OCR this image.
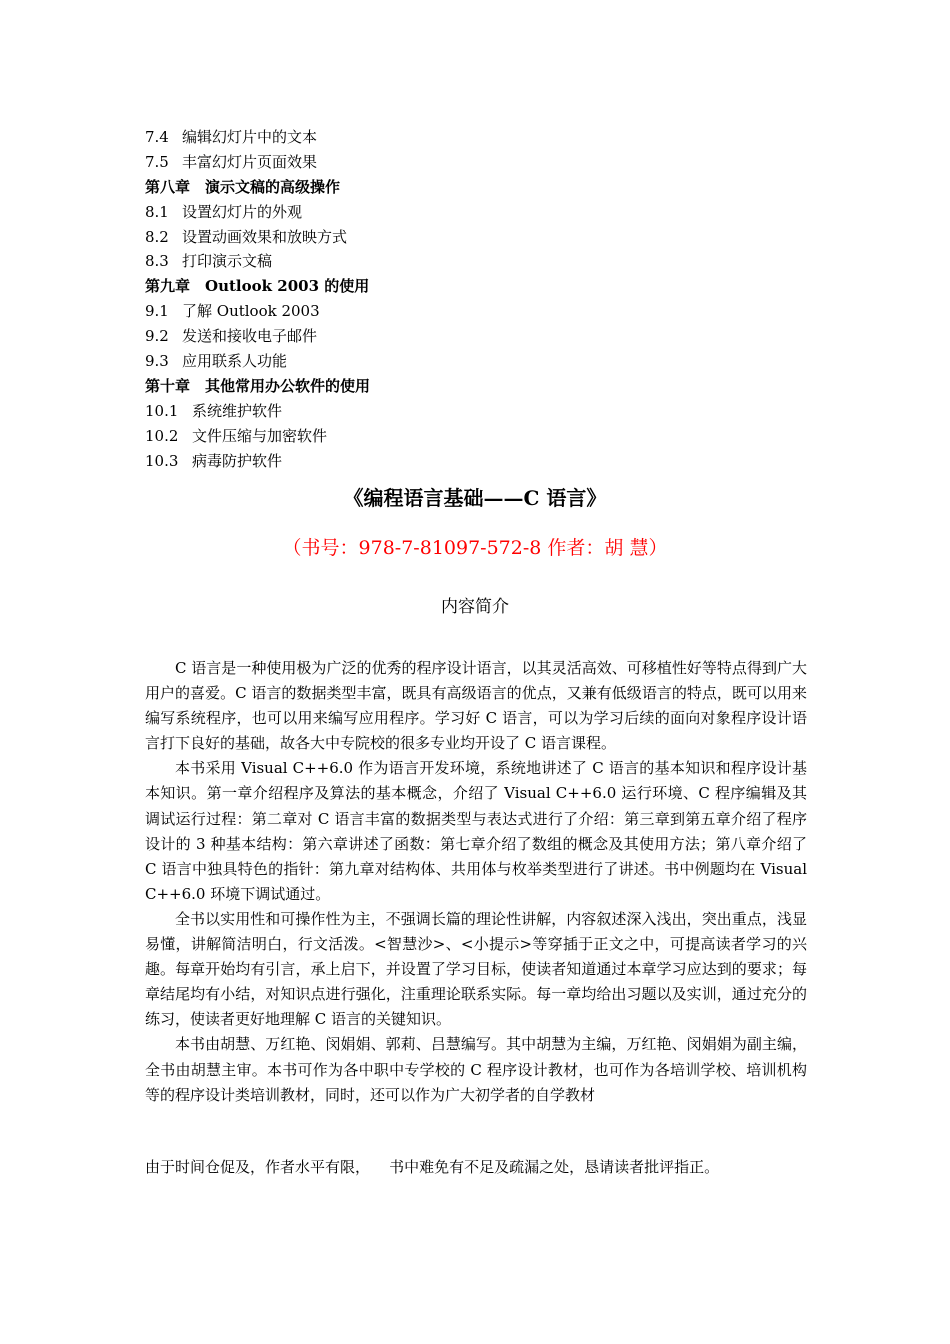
7.4 编辑幻灯片中的文本
7.5 丰富幻灯片页面效果
第八章　 演示文稿的高级操作
8.1 设置幻灯片的外观
8.2 设置动画效果和放映方式
8.3 打印演示文稿
第九章　 Outlook 2003 的使用
9.1 了解 Outlook 2003
9.2 发送和接收电子邮件
9.3 应用联系人功能
第十章　 其他常用办公软件的使用
10.1 系统维护软件
10.2 文件压缩与加密软件
10.3 病毒防护软件
《编程语言基础——C 语言》
（书号：978-7-81097-572-8 作者：胡 慧）
内容简介

C 语言是一种使用极为广泛的优秀的程序设计语言，以其灵活高效、可移植性好等特点得到广大用户的喜爱。C 语言的数据类型丰富，既具有高级语言的优点，又兼有低级语言的特点，既可以用来编写系统程序，也可以用来编写应用程序。学习好 C 语言，可以为学习后续的面向对象程序设计语言打下良好的基础，故各大中专院校的很多专业均开设了 C 语言课程。

本书采用 Visual C++6.0 作为语言开发环境，系统地讲述了 C 语言的基本知识和程序设计基本知识。第一章介绍程序及算法的基本概念，介绍了 Visual C++6.0 运行环境、C 程序编辑及其调试运行过程：第二章对 C 语言丰富的数据类型与表达式进行了介绍：第三章到第五章介绍了程序设计的 3 种基本结构：第六章讲述了函数：第七章介绍了数组的概念及其使用方法；第八章介绍了 C 语言中独具特色的指针：第九章对结构体、共用体与枚举类型进行了讲述。书中例题均在 Visual C++6.0 环境下调试通过。

全书以实用性和可操作性为主，不强调长篇的理论性讲解，内容叙述深入浅出，突出重点，浅显易懂，讲解简洁明白，行文活泼。<智慧沙>、<小提示>等穿插于正文之中，可提高读者学习的兴趣。每章开始均有引言，承上启下，并设置了学习目标，使读者知道通过本章学习应达到的要求；每章结尾均有小结，对知识点进行强化，注重理论联系实际。每一章均给出习题以及实训，通过充分的练习，使读者更好地理解 C 语言的关键知识。

本书由胡慧、万红艳、闵娟娟、郭莉、吕慧编写。其中胡慧为主编，万红艳、闵娟娟为副主编，全书由胡慧主审。本书可作为各中职中专学校的 C 程序设计教材，也可作为各培训学校、培训机构等的程序设计类培训教材，同时，还可以作为广大初学者的自学教材

由于时间仓促及，作者水平有限，    书中难免有不足及疏漏之处，恳请读者批评指正。
